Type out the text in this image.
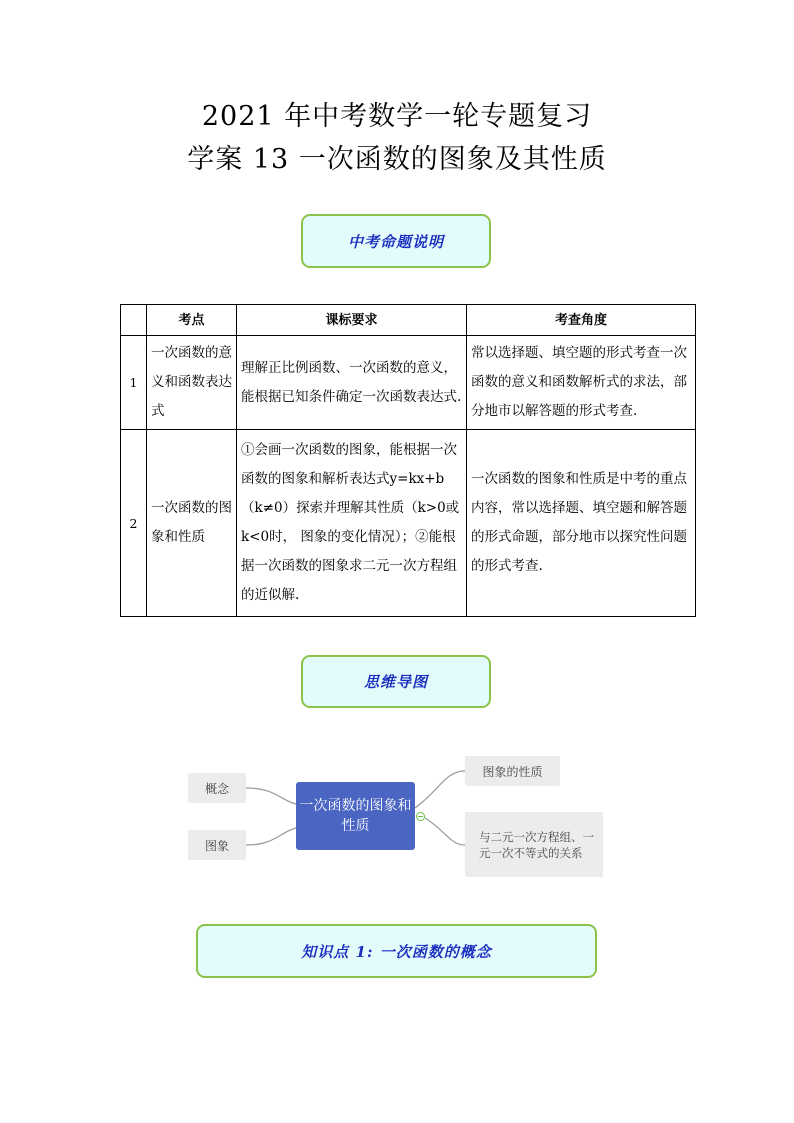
2021 年中考数学一轮专题复习
学案 13 一次函数的图象及其性质
中考命题说明
	考点	课标要求	考查角度
1	一次函数的意义和函数表达式	理解正比例函数、一次函数的意义，能根据已知条件确定一次函数表达式.	常以选择题、填空题的形式考查一次函数的意义和函数解析式的求法，部分地市以解答题的形式考查.
2	一次函数的图象和性质	①会画一次函数的图象，能根据一次函数的图象和解析表达式y=kx+b（k≠0）探索并理解其性质（k>0或k<0时， 图象的变化情况）；②能根据一次函数的图象求二元一次方程组的近似解.	一次函数的图象和性质是中考的重点内容，常以选择题、填空题和解答题的形式命题，部分地市以探究性问题的形式考查.
思维导图
概念
图象
一次函数的图象和性质
图象的性质
与二元一次方程组、一元一次不等式的关系
知识点 1: 一次函数的概念
